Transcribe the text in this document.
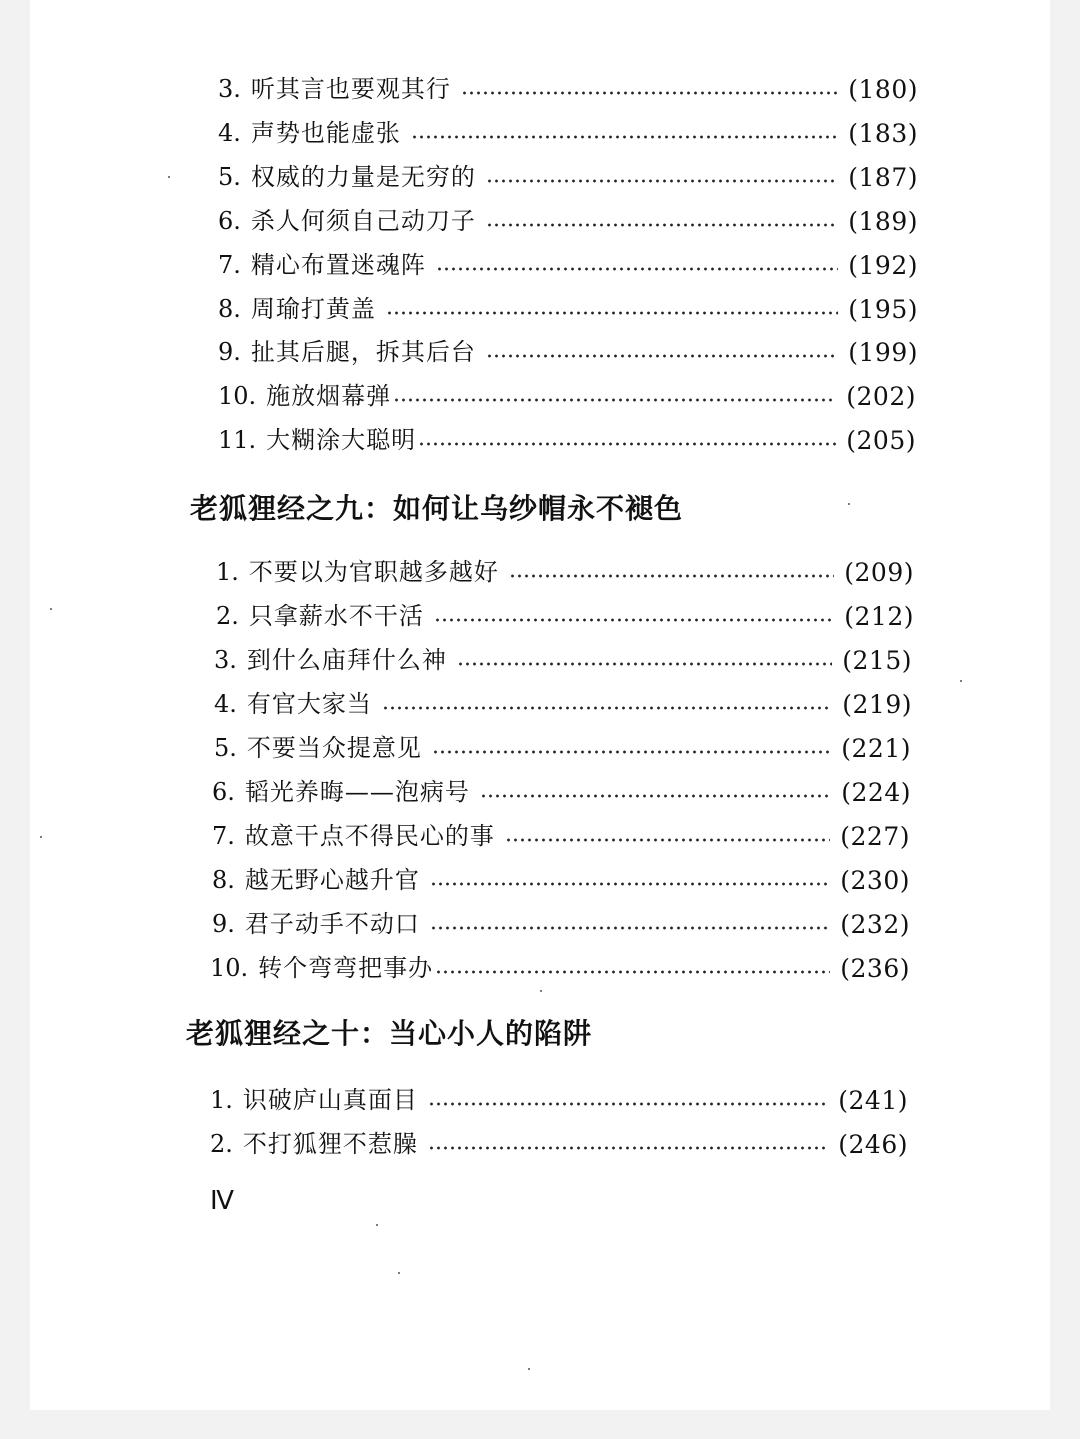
3. 听其言也要观其行	(180)
4. 声势也能虚张	(183)
5. 权威的力量是无穷的	(187)
6. 杀人何须自己动刀子	(189)
7. 精心布置迷魂阵	(192)
8. 周瑜打黄盖	(195)
9. 扯其后腿，拆其后台	(199)
10. 施放烟幕弹	(202)
11. 大糊涂大聪明	(205)
老狐狸经之九：如何让乌纱帽永不褪色
1. 不要以为官职越多越好	(209)
2. 只拿薪水不干活	(212)
3. 到什么庙拜什么神	(215)
4. 有官大家当	(219)
5. 不要当众提意见	(221)
6. 韬光养晦——泡病号	(224)
7. 故意干点不得民心的事	(227)
8. 越无野心越升官	(230)
9. 君子动手不动口	(232)
10. 转个弯弯把事办	(236)
老狐狸经之十：当心小人的陷阱
1. 识破庐山真面目	(241)
2. 不打狐狸不惹臊	(246)
Ⅳ
